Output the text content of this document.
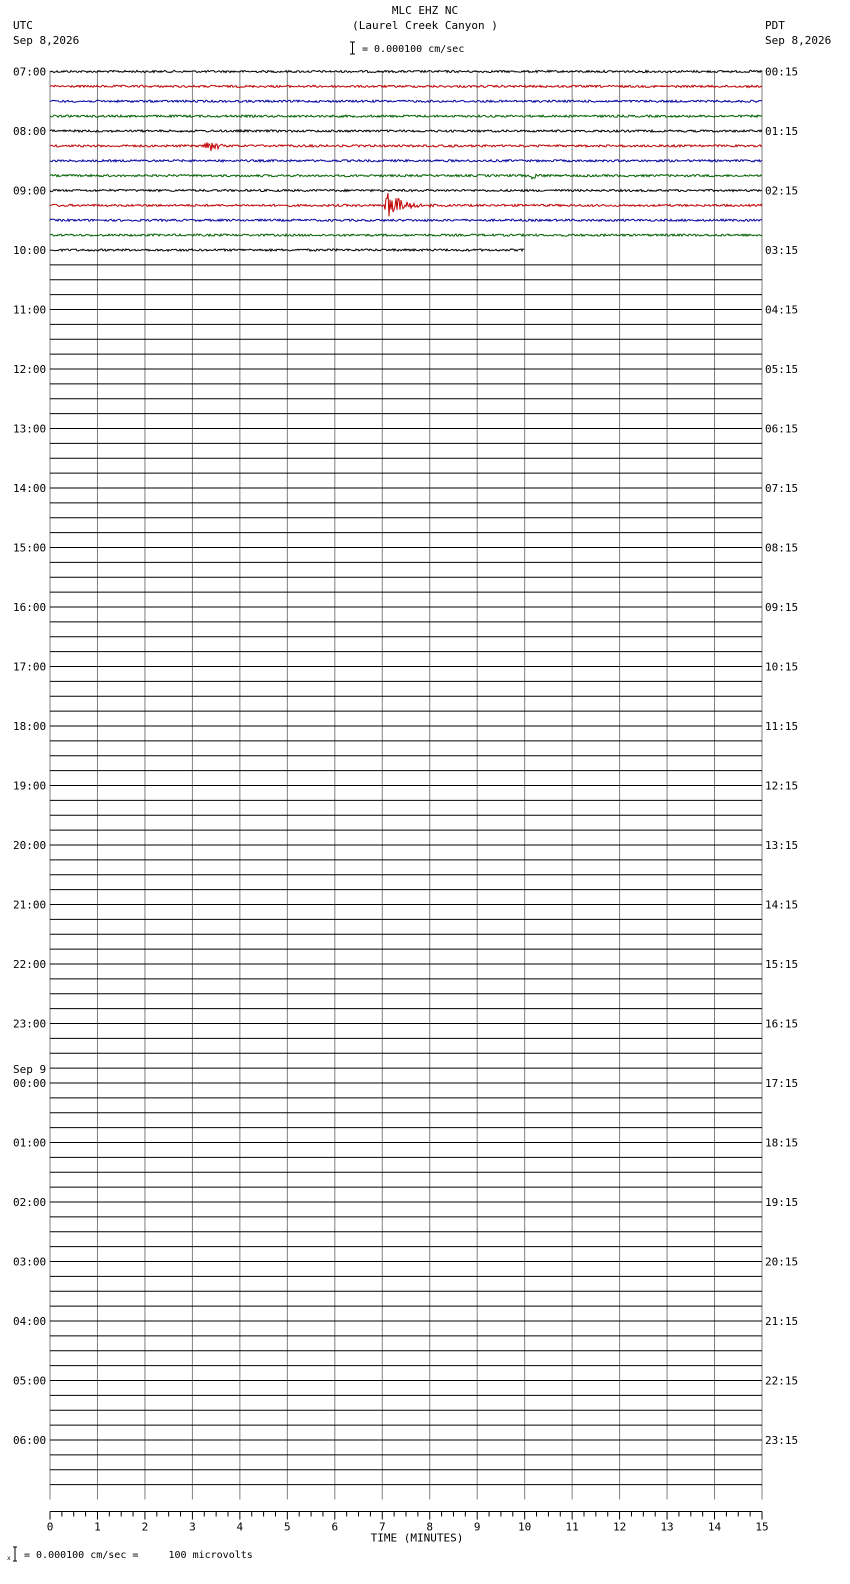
MLC EHZ NC
(Laurel Creek Canyon )
UTC
Sep 8,2026
PDT
Sep 8,2026
= 0.000100 cm/sec
07:00	00:15
08:00	01:15
09:00	02:15
10:00	03:15
11:00	04:15
12:00	05:15
13:00	06:15
14:00	07:15
15:00	08:15
16:00	09:15
17:00	10:15
18:00	11:15
19:00	12:15
20:00	13:15
21:00	14:15
22:00	15:15
23:00	16:15
00:00	17:15
Sep 9
01:00	18:15
02:00	19:15
03:00	20:15
04:00	21:15
05:00	22:15
06:00	23:15
0	1	2	3	4	5	6	7	8	9	10	11	12	13	14	15
TIME (MINUTES)
x = 0.000100 cm/sec =     100 microvolts
